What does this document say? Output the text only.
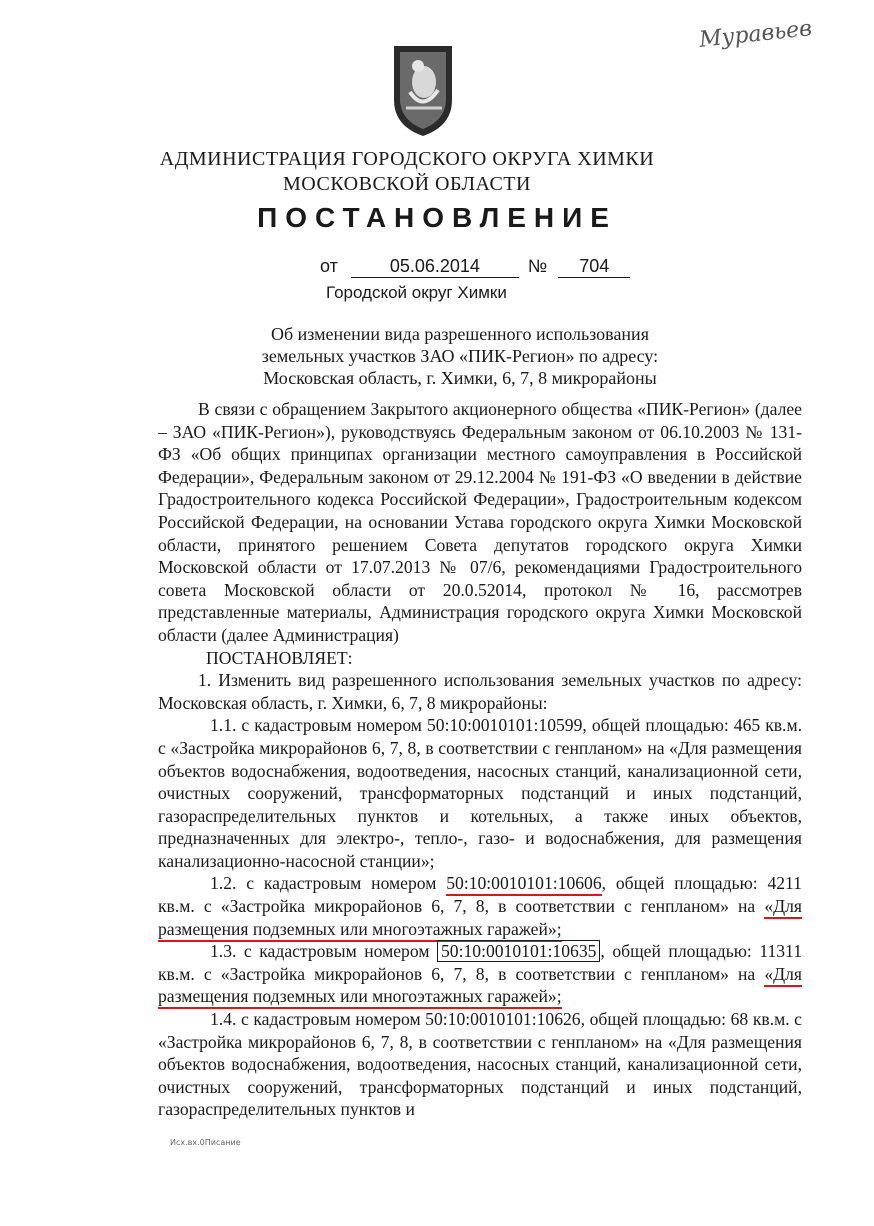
Муравьев
АДМИНИСТРАЦИЯ ГОРОДСКОГО ОКРУГА ХИМКИ
МОСКОВСКОЙ ОБЛАСТИ
ПОСТАНОВЛЕНИЕ
от	05.06.2014	№ 704
Городской округ Химки
Об изменении вида разрешенного использования
земельных участков ЗАО «ПИК-Регион» по адресу:
Московская область, г. Химки, 6, 7, 8 микрорайоны

В связи с обращением Закрытого акционерного общества «ПИК-Регион» (далее – ЗАО «ПИК-Регион»), руководствуясь Федеральным законом от 06.10.2003 № 131-ФЗ «Об общих принципах организации местного самоуправления в Российской Федерации», Федеральным законом от 29.12.2004 № 191-ФЗ «О введении в действие Градостроительного кодекса Российской Федерации», Градостроительным кодексом Российской Федерации, на основании Устава городского округа Химки Московской области, принятого решением Совета депутатов городского округа Химки Московской области от 17.07.2013 № 07/6, рекомендациями Градостроительного совета Московской области от 20.0.52014, протокол № 16, рассмотрев представленные материалы, Администрация городского округа Химки Московской области (далее Администрация)

ПОСТАНОВЛЯЕТ:

1. Изменить вид разрешенного использования земельных участков по адресу: Московская область, г. Химки, 6, 7, 8 микрорайоны:

1.1. с кадастровым номером 50:10:0010101:10599, общей площадью: 465 кв.м. с «Застройка микрорайонов 6, 7, 8, в соответствии с генпланом» на «Для размещения объектов водоснабжения, водоотведения, насосных станций, канализационной сети, очистных сооружений, трансформаторных подстанций и иных подстанций, газораспределительных пунктов и котельных, а также иных объектов, предназначенных для электро-, тепло-, газо- и водоснабжения, для размещения канализационно-насосной станции»;

1.2. с кадастровым номером 50:10:0010101:10606, общей площадью: 4211 кв.м. с «Застройка микрорайонов 6, 7, 8, в соответствии с генпланом» на «Для размещения подземных или многоэтажных гаражей»;

1.3. с кадастровым номером 50:10:0010101:10635 , общей площадью: 11311 кв.м. с «Застройка микрорайонов 6, 7, 8, в соответствии с генпланом» на «Для размещения подземных или многоэтажных гаражей»;

1.4. с кадастровым номером 50:10:0010101:10626, общей площадью: 68 кв.м. с «Застройка микрорайонов 6, 7, 8, в соответствии с генпланом» на «Для размещения объектов водоснабжения, водоотведения, насосных станций, канализационной сети, очистных сооружений, трансформаторных подстанций и иных подстанций, газораспределительных пунктов и

Исх.вх.0Писание
